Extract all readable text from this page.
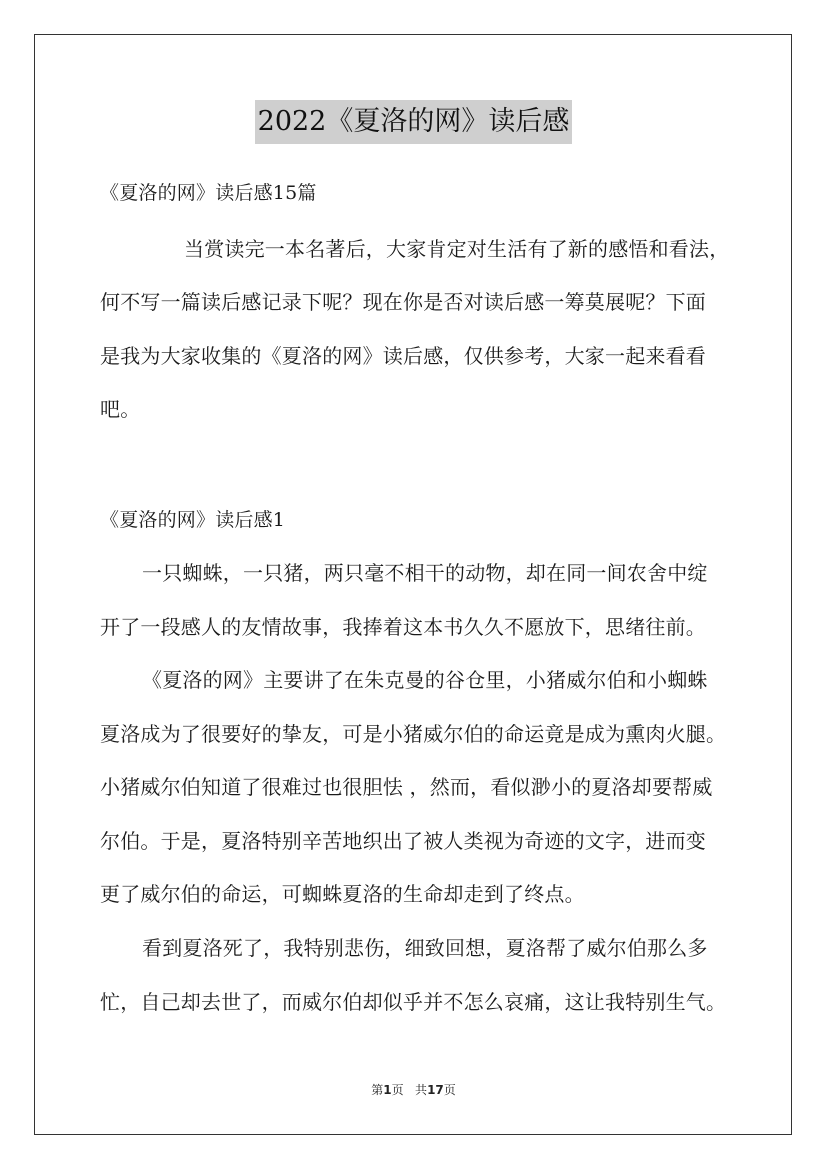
2022《夏洛的网》读后感
《夏洛的网》读后感15篇
当赏读完一本名著后，大家肯定对生活有了新的感悟和看法，
何不写一篇读后感记录下呢？现在你是否对读后感一筹莫展呢？下面
是我为大家收集的《夏洛的网》读后感，仅供参考，大家一起来看看
吧。
《夏洛的网》读后感1
一只蜘蛛，一只猪，两只毫不相干的动物，却在同一间农舍中绽
开了一段感人的友情故事，我捧着这本书久久不愿放下，思绪往前。
《夏洛的网》主要讲了在朱克曼的谷仓里，小猪威尔伯和小蜘蛛
夏洛成为了很要好的挚友，可是小猪威尔伯的命运竟是成为熏肉火腿。
小猪威尔伯知道了很难过也很胆怯 ，然而，看似渺小的夏洛却要帮威
尔伯。于是，夏洛特别辛苦地织出了被人类视为奇迹的文字，进而变
更了威尔伯的命运，可蜘蛛夏洛的生命却走到了终点。
看到夏洛死了，我特别悲伤，细致回想，夏洛帮了威尔伯那么多
忙，自己却去世了，而威尔伯却似乎并不怎么哀痛，这让我特别生气。
第1页 共17页
